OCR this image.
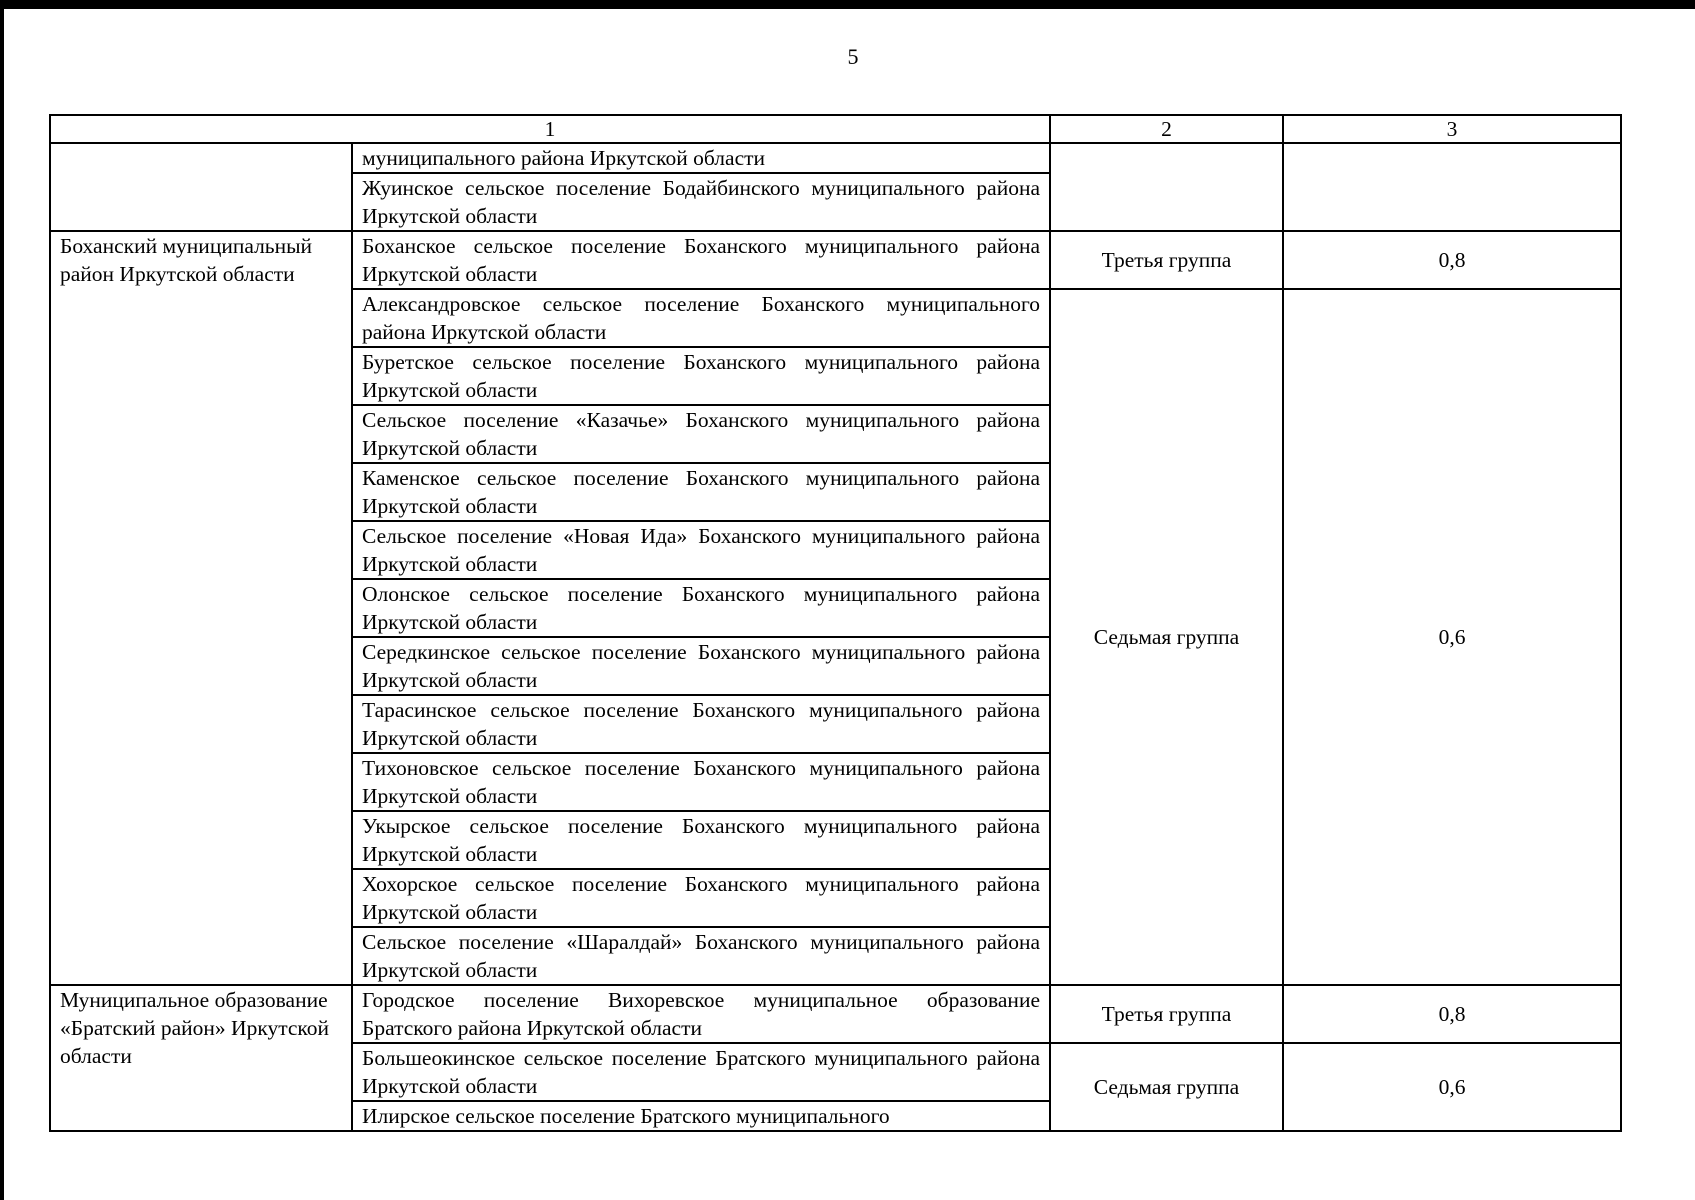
5
1		2	3
	муниципального района Иркутской области		
	Жуинское сельское поселение Бодайбинского муниципального района Иркутской области		
Боханский муниципальный район Иркутской области	Боханское сельское поселение Боханского муниципального района Иркутской области	Третья группа	0,8
	Александровское сельское поселение Боханского муниципального района Иркутской области	Седьмая группа	0,6
	Буретское сельское поселение Боханского муниципального района Иркутской области		
	Сельское поселение «Казачье» Боханского муниципального района Иркутской области		
	Каменское сельское поселение Боханского муниципального района Иркутской области		
	Сельское поселение «Новая Ида» Боханского муниципального района Иркутской области		
	Олонское сельское поселение Боханского муниципального района Иркутской области		
	Середкинское сельское поселение Боханского муниципального района Иркутской области		
	Тарасинское сельское поселение Боханского муниципального района Иркутской области		
	Тихоновское сельское поселение Боханского муниципального района Иркутской области		
	Укырское сельское поселение Боханского муниципального района Иркутской области		
	Хохорское сельское поселение Боханского муниципального района Иркутской области		
	Сельское поселение «Шаралдай» Боханского муниципального района Иркутской области		
Муниципальное образование «Братский район» Иркутской области	Городское поселение Вихоревское муниципальное образование Братского района Иркутской области	Третья группа	0,8
	Большеокинское сельское поселение Братского муниципального района Иркутской области	Седьмая группа	0,6
	Илирское сельское поселение Братского муниципального		
